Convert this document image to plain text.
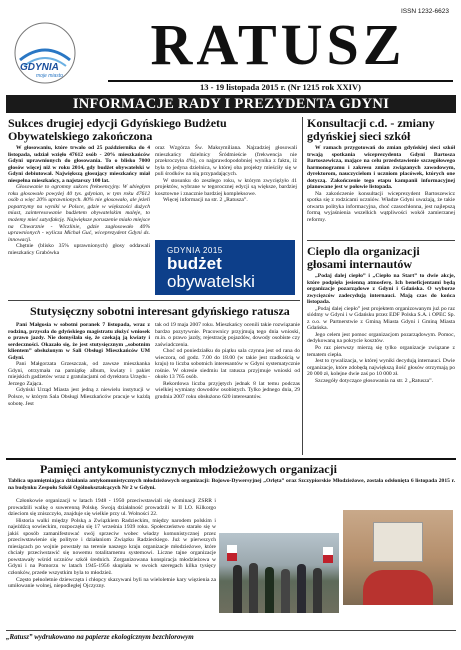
ISSN 1232-6623
GDYNIA
moje miasto	RATUSZ
13 - 19 listopada 2015 r. (Nr 1215 rok XXIV)
INFORMACJE RADY I PREZYDENTA GDYNI
Sukces drugiej edycji Gdyńskiego Budżetu Obywatelskiego zakończona

W głosowaniu, które trwało od 25 października do 4 listopada, udział wzięło 47612 osób - 20% mieszkańców Gdyni uprawnionych do głosowania. To o blisko 7000 głosów więcej niż w roku 2014, gdy budżet obywatelski w Gdyni debiutował. Największą głosujący mieszkańcy miał niespełna mieszkańcy, a najstarszy 100 lat.

Głosowanie to ogromny sukces frekwencyjny. W ubiegłym roku głosowało powyżej 40 tys. gdynian, w tym roku 47612 osób a więc 20% uprawnionych. 80% nie głosowało, ale jeżeli popatrzymy na wyniki w Polsce, gdzie w większości dużych miast, zainteresowanie budżetem obywatelskim maleje, to możemy mieć satysfakcję. Największe poruszenie miało miejsce na Chwarznie - Wiczlinie, gdzie zagłosowało 40% uprawnionych - wylicza Michał Guć, wiceprezydent Gdyni ds. innowacji.

Chętnie (blisko 35% uprawnionych) głosy oddawali mieszkańcy Grabówka

oraz Wzgórza Św. Maksymiliana. Najzadziej głosowali mieszkańcy dzielnicy Śródmieście (frekwencja nie przekroczyła 4%), co najprawdopodobniej wynika z faktu, iż była to jedyna dzielnica, w której oba projekty mieściły się w puli środków na nią przypadających.

W stosunku do zeszłego roku, w którym zwyciężyło 41 projektów, wybrane w tegorocznej edycji są większe, bardziej kosztowne i znacznie bardziej kompleksowe.

Więcej informacji na str. 2 „Ratusza”.

GDYNIA 2015
budżet
obywatelski
Konsultacji c.d. - zmiany gdyńskiej sieci szkół

W ramach przygotowań do zmian gdyńskiej sieci szkół trwają spotkania wiceprezydenta Gdyni Bartosza Bartoszewicza, mające na celu przedstawienie szczegółowego harmonogramu i zakresu zmian związanych zawodowym, dyrektorom, nauczycielom i uczniom placówek, których one dotyczą. Zakończenie tego etapu kampanii informacyjnej planowane jest w połowie listopada.

Na zakończenie konsultacji wiceprezydent Bartoszewicz spotka się z rodzicami uczniów. Władze Gdyni uważają, że takie otwarta polityka informacyjna, choć czasochłonna, jest najlepszą formą wyjaśnienia wszelkich wątpliwości wokół zamierzanej reformy.

Cieplo dla organizacji głosami internautów

„Podaj dalej ciepło” i „Ciepło na Start” to dwie akcje, które podpięła jesienną atmosferę. Ich beneficjentami będą organizacje pozarządowe z Gdyni i Gdańska. O wyborze zwycięzców zadecydują internauci. Mają czas do końca listopada.

„Podaj dalej ciepło” jest projektem organizowanym już po raz siódmy w Gdyni i w Gdańsku przez EDF Polska S.A. i OPEC Sp. z o.o. w Partnerstwie z Gminą Miasta Gdyni i Gminą Miasta Gdańska.

Jego celem jest pomoc organizacjom pozarządowym. Pomoc, dedykowaną na pokrycie kosztów.

Po raz pierwszy mierzą się tylko organizacje związane z tematem ciepła.

Jest to rywalizacja, w której wyniki decydują internauci. Dwie organizacje, które zdobędą największą ilość głosów otrzymają po 20 000 zł, kolejne dwie zaś po 10 000 zł.

Szczegóły dotyczące głosowania na str. 2 „Ratusza”.

Stutysięczny sobotni interesant gdyńskiego ratusza

Pani Małgosia w sobotni poranek 7 listopada, wraz z rodziną, przyszła do gdyńskiego magistratu złożyć wniosek o prawo jazdy. Nie domyślała się, że czekają ją kwiaty i serdeczności. Okazało się, że jest stutysięcznym „sobotnim klientem” obsłużonym w Sali Obsługi Mieszkańców UM Gdyni.

Pani Małgorzata Grzeszczak, od zawsze mieszkanka Gdyni, otrzymała na pamiątkę album, kwiaty i pakiet miejskich gadżetów wraz z gratulacjami od dyrektora Urzędu - Jerzego Zająca.

Gdyński Urząd Miasta jest jedną z niewielu instytucji w Polsce, w którym Sala Obsługi Mieszkańców pracuje w każdą sobotę. Jest

tak od 19 maja 2007 roku. Mieszkańcy ocenili takie rozwiązanie bardzo pozytywnie. Pracownicy przyjmują tego dnia wnioski, m.in. o prawo jazdy, rejestrację pojazdów, dowody osobiste czy zaświadczenia.

Choć od poniedziałku do piątku sala czynna jest od rana do wieczora, od godz. 7.00 do 18.00 (w takie jest rzadkością w kraju) to liczba sobotnich interesantów w Gdyni systematycznie rośnie. W okresie siedmiu lat ratusza przyjmuje wnioski od około 13 765 osób.

Rekordowa liczba przyjętych jednak 8 lat temu podczas wielkiej wymiany dowodów osobistych. Tylko jednego dnia, 29 grudnia 2007 roku obsłużono 620 interesantów.

Pamięci antykomunistycznych młodzieżowych organizacji
Tablica upamiętniająca działania antykomunistycznych młodzieżowych organizacji: Bojowo-Dywersyjnej „Orlęta” oraz Szczypiorskie Młodzieżowe, została odsłonięta 6 listopada 2015 r. na budynku Zespołu Szkół Ogólnokształcących Nr 2 w Gdyni.

Członkowie organizacji w latach 1948 - 1950 przeciwstawiali się dominacji ZSRR i prowadzili walkę o suwerenną Polskę. Swoją działalność prowadzili w II LO. Kilkorgo dzieciom się zniszczyło, znajduje się wielkie przy ul. Wolności 22.

Historia walki między Polską a Związkiem Radzieckim, między narodem polskim i najeźdźcą sowieckim, rozpoczęła się 17 września 1939 roku. Społeczeństwo starało się w jakiś sposób zamanifestować swój sprzeciw wobec władzy komunistycznej przez przeciwstawienie się polityce i działaniom Związku Radzieckiego. Już w pierwszych miesiącach po wojnie powstały na terenie naszego kraju organizacje młodzieżowe, które chciały przeciwstawić się nowemu totalitarnemu systemowi. Liczne tajne organizacje powstawały wśród uczniów szkół średnich. Zorganizowana konspiracja młodzieżowa w Gdyni i na Pomorzu w latach 1945-1956 skupiała w swoich szeregach kilka tysięcy członków, przede wszystkim byla to młodzież.

Często pełnoletnie dziewczęta i chłopcy skazywani byli na wieloletnie kary więzienia za umiłowanie wolnej, niepodległej Ojczyzny.

„Ratusz” wydrukowano na papierze ekologicznym bezchlorowym
